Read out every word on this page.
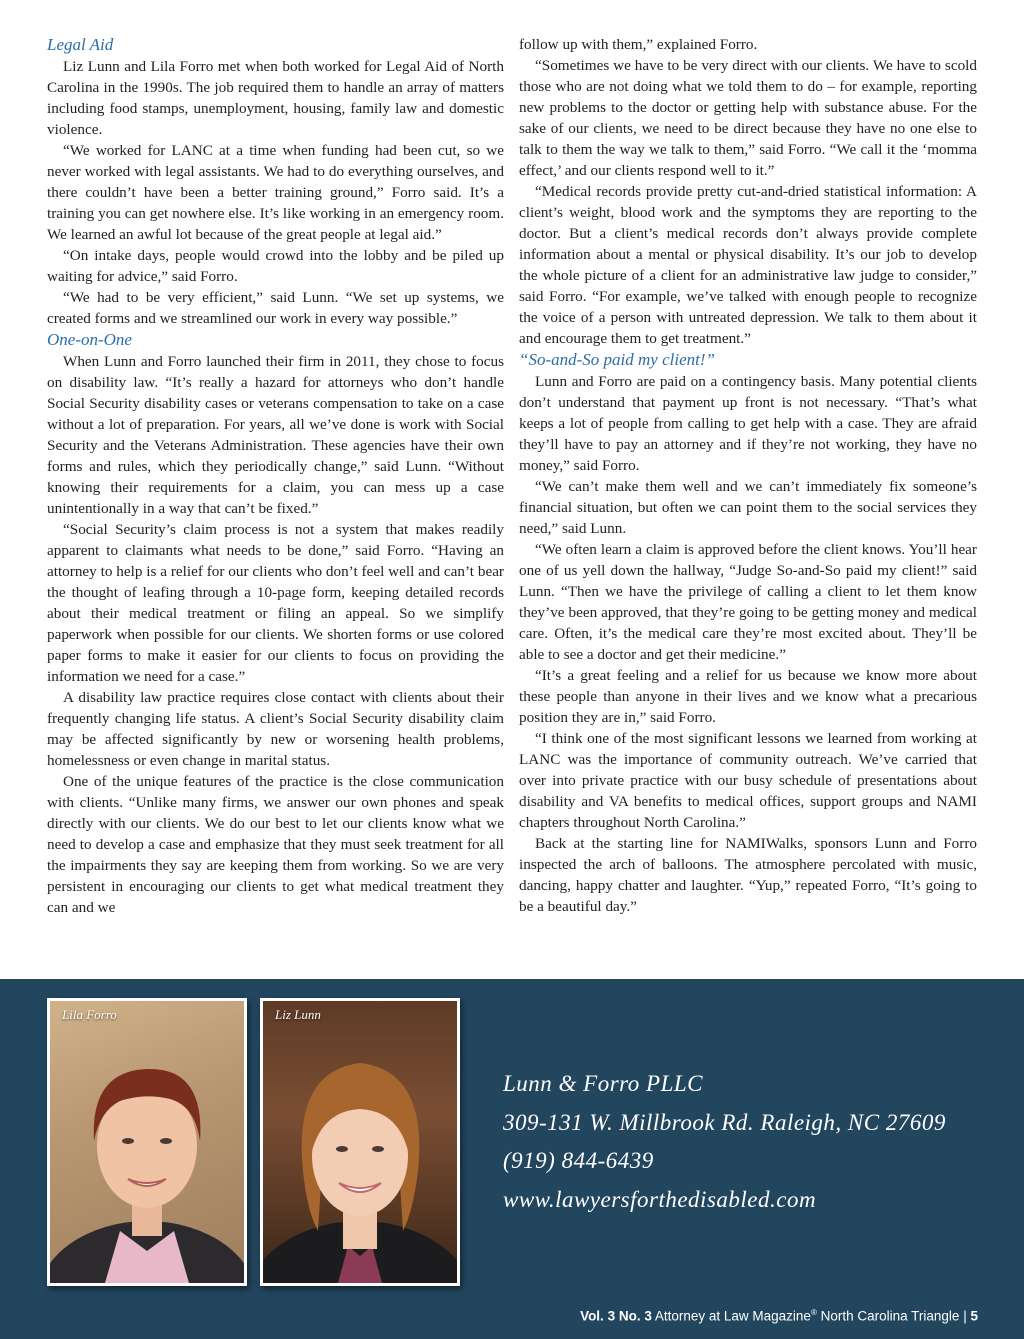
Legal Aid

Liz Lunn and Lila Forro met when both worked for Legal Aid of North Carolina in the 1990s. The job required them to handle an array of matters including food stamps, unemployment, housing, family law and domestic violence.

“We worked for LANC at a time when funding had been cut, so we never worked with legal assistants. We had to do everything ourselves, and there couldn’t have been a better training ground,” Forro said. It’s a training you can get nowhere else. It’s like working in an emergency room. We learned an awful lot because of the great people at legal aid.”

“On intake days, people would crowd into the lobby and be piled up waiting for advice,” said Forro.

“We had to be very efficient,” said Lunn. “We set up systems, we created forms and we streamlined our work in every way possible.”

One-on-One

When Lunn and Forro launched their firm in 2011, they chose to focus on disability law. “It’s really a hazard for attorneys who don’t handle Social Security disability cases or veterans compensation to take on a case without a lot of preparation. For years, all we’ve done is work with Social Security and the Veterans Administration. These agencies have their own forms and rules, which they periodically change,” said Lunn. “Without knowing their requirements for a claim, you can mess up a case unintentionally in a way that can’t be fixed.”

“Social Security’s claim process is not a system that makes readily apparent to claimants what needs to be done,” said Forro. “Having an attorney to help is a relief for our clients who don’t feel well and can’t bear the thought of leafing through a 10-page form, keeping detailed records about their medical treatment or filing an appeal. So we simplify paperwork when possible for our clients. We shorten forms or use colored paper forms to make it easier for our clients to focus on providing the information we need for a case.”

A disability law practice requires close contact with clients about their frequently changing life status. A client’s Social Security disability claim may be affected significantly by new or worsening health problems, homelessness or even change in marital status.

One of the unique features of the practice is the close communication with clients. “Unlike many firms, we answer our own phones and speak directly with our clients. We do our best to let our clients know what we need to develop a case and emphasize that they must seek treatment for all the impairments they say are keeping them from working. So we are very persistent in encouraging our clients to get what medical treatment they can and we

follow up with them,” explained Forro.

“Sometimes we have to be very direct with our clients. We have to scold those who are not doing what we told them to do – for example, reporting new problems to the doctor or getting help with substance abuse. For the sake of our clients, we need to be direct because they have no one else to talk to them the way we talk to them,” said Forro. “We call it the ‘momma effect,’ and our clients respond well to it.”

“Medical records provide pretty cut-and-dried statistical information: A client’s weight, blood work and the symptoms they are reporting to the doctor. But a client’s medical records don’t always provide complete information about a mental or physical disability. It’s our job to develop the whole picture of a client for an administrative law judge to consider,” said Forro. “For example, we’ve talked with enough people to recognize the voice of a person with untreated depression. We talk to them about it and encourage them to get treatment.”

“So-and-So paid my client!”

Lunn and Forro are paid on a contingency basis. Many potential clients don’t understand that payment up front is not necessary. “That’s what keeps a lot of people from calling to get help with a case. They are afraid they’ll have to pay an attorney and if they’re not working, they have no money,” said Forro.

“We can’t make them well and we can’t immediately fix someone’s financial situation, but often we can point them to the social services they need,” said Lunn.

“We often learn a claim is approved before the client knows. You’ll hear one of us yell down the hallway, “Judge So-and-So paid my client!” said Lunn. “Then we have the privilege of calling a client to let them know they’ve been approved, that they’re going to be getting money and medical care. Often, it’s the medical care they’re most excited about. They’ll be able to see a doctor and get their medicine.”

“It’s a great feeling and a relief for us because we know more about these people than anyone in their lives and we know what a precarious position they are in,” said Forro.

“I think one of the most significant lessons we learned from working at LANC was the importance of community outreach. We’ve carried that over into private practice with our busy schedule of presentations about disability and VA benefits to medical offices, support groups and NAMI chapters throughout North Carolina.”

Back at the starting line for NAMIWalks, sponsors Lunn and Forro inspected the arch of balloons. The atmosphere percolated with music, dancing, happy chatter and laughter. “Yup,” repeated Forro, “It’s going to be a beautiful day.”

Lila Forro	Liz Lunn
Lunn & Forro PLLC
309-131 W. Millbrook Rd. Raleigh, NC 27609
(919) 844-6439
www.lawyersforthedisabled.com
Vol. 3 No. 3 Attorney at Law Magazine® North Carolina Triangle | 5
